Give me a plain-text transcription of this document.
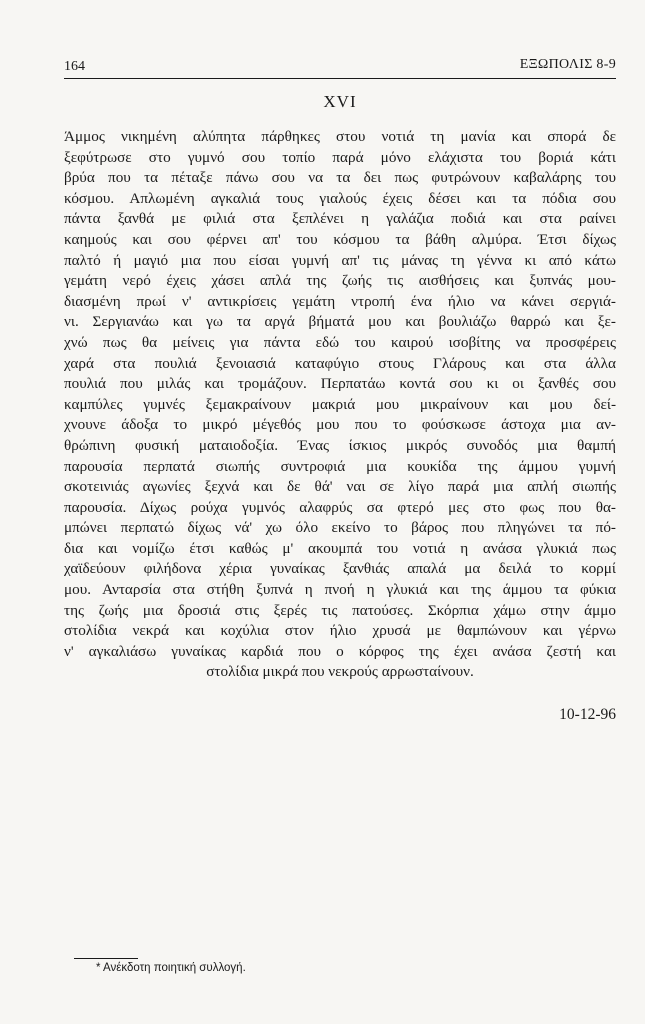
164	ΕΞΩΠΟΛΙΣ 8-9
XVI
Άμμος νικημένη αλύπητα πάρθηκες στου νοτιά τη μανία και σπορά δε
ξεφύτρωσε στο γυμνό σου τοπίο παρά μόνο ελάχιστα του βοριά κάτι
βρύα που τα πέταξε πάνω σου να τα δει πως φυτρώνουν καβαλάρης του
κόσμου. Απλωμένη αγκαλιά τους γιαλούς έχεις δέσει και τα πόδια σου
πάντα ξανθά με φιλιά στα ξεπλένει η γαλάζια ποδιά και στα ραίνει
καημούς και σου φέρνει απ' του κόσμου τα βάθη αλμύρα. Έτσι δίχως
παλτό ή μαγιό μια που είσαι γυμνή απ' τις μάνας τη γέννα κι από κάτω
γεμάτη νερό έχεις χάσει απλά της ζωής τις αισθήσεις και ξυπνάς μου-
διασμένη πρωί ν' αντικρίσεις γεμάτη ντροπή ένα ήλιο να κάνει σεργιά-
νι. Σεργιανάω και γω τα αργά βήματά μου και βουλιάζω θαρρώ και ξε-
χνώ πως θα μείνεις για πάντα εδώ του καιρού ισοβίτης να προσφέρεις
χαρά στα πουλιά ξενοιασιά καταφύγιο στους Γλάρους και στα άλλα
πουλιά που μιλάς και τρομάζουν. Περπατάω κοντά σου κι οι ξανθές σου
καμπύλες γυμνές ξεμακραίνουν μακριά μου μικραίνουν και μου δεί-
χνουνε άδοξα το μικρό μέγεθός μου που το φούσκωσε άστοχα μια αν-
θρώπινη φυσική ματαιοδοξία. Ένας ίσκιος μικρός συνοδός μια θαμπή
παρουσία περπατά σιωπής συντροφιά μια κουκίδα της άμμου γυμνή
σκοτεινιάς αγωνίες ξεχνά και δε θά' ναι σε λίγο παρά μια απλή σιωπής
παρουσία. Δίχως ρούχα γυμνός αλαφρύς σα φτερό μες στο φως που θα-
μπώνει περπατώ δίχως νά' χω όλο εκείνο το βάρος που πληγώνει τα πό-
δια και νομίζω έτσι καθώς μ' ακουμπά του νοτιά η ανάσα γλυκιά πως
χαϊδεύουν φιλήδονα χέρια γυναίκας ξανθιάς απαλά μα δειλά το κορμί
μου. Ανταρσία στα στήθη ξυπνά η πνοή η γλυκιά και της άμμου τα φύκια
της ζωής μια δροσιά στις ξερές τις πατούσες. Σκόρπια χάμω στην άμμο
στολίδια νεκρά και κοχύλια στον ήλιο χρυσά με θαμπώνουν και γέρνω
ν' αγκαλιάσω γυναίκας καρδιά που ο κόρφος της έχει ανάσα ζεστή και
στολίδια μικρά που νεκρούς αρρωσταίνουν.
10-12-96
* Ανέκδοτη ποιητική συλλογή.
